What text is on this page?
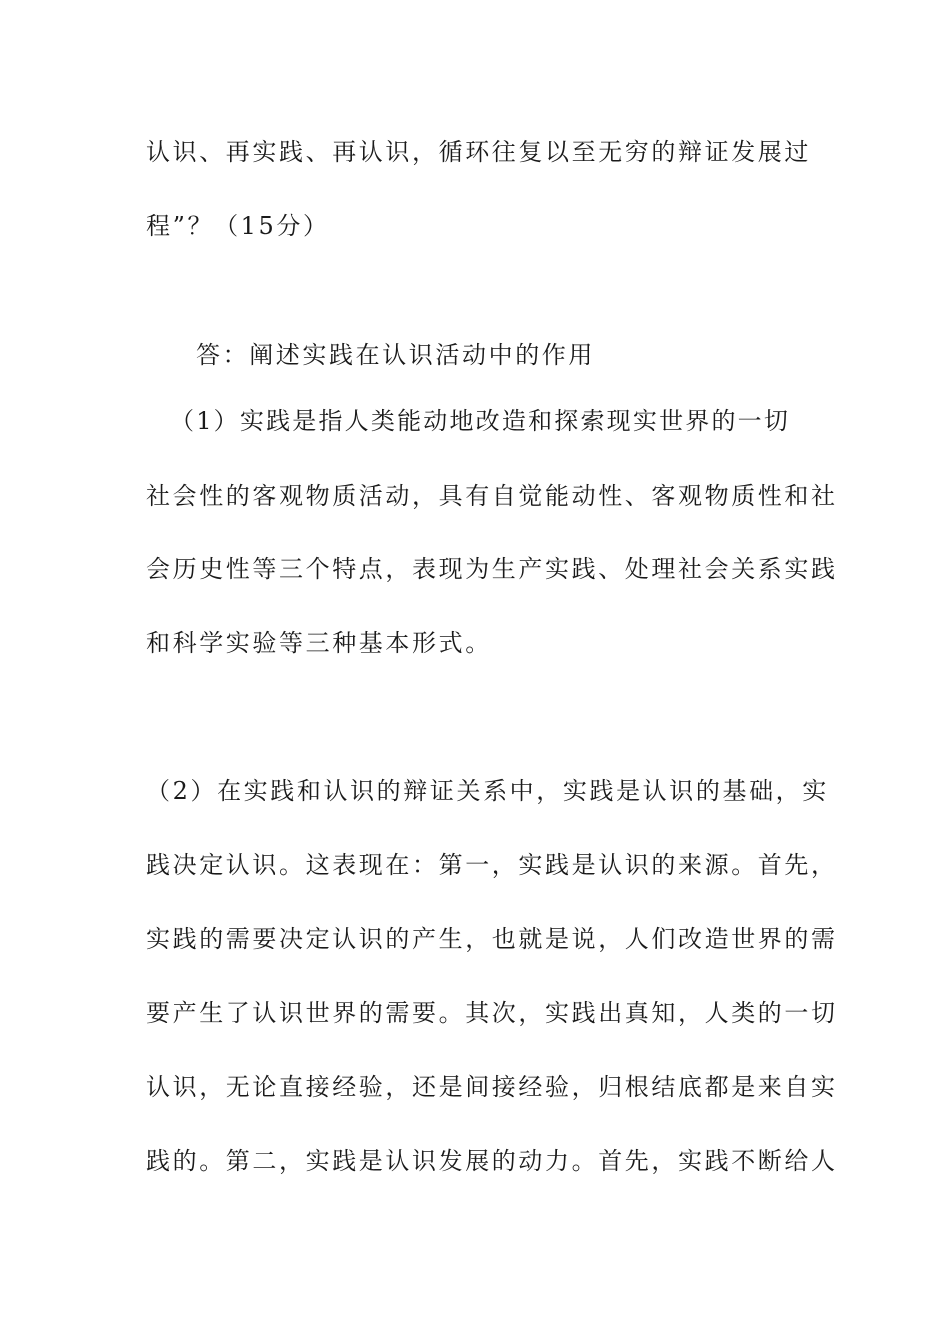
认识、再实践、再认识，循环往复以至无穷的辩证发展过
程”？（15分）
答：阐述实践在认识活动中的作用
（1）实践是指人类能动地改造和探索现实世界的一切
社会性的客观物质活动，具有自觉能动性、客观物质性和社
会历史性等三个特点，表现为生产实践、处理社会关系实践
和科学实验等三种基本形式。
（2）在实践和认识的辩证关系中，实践是认识的基础，实
践决定认识。这表现在：第一，实践是认识的来源。首先，
实践的需要决定认识的产生，也就是说，人们改造世界的需
要产生了认识世界的需要。其次，实践出真知，人类的一切
认识，无论直接经验，还是间接经验，归根结底都是来自实
践的。第二，实践是认识发展的动力。首先，实践不断给人
